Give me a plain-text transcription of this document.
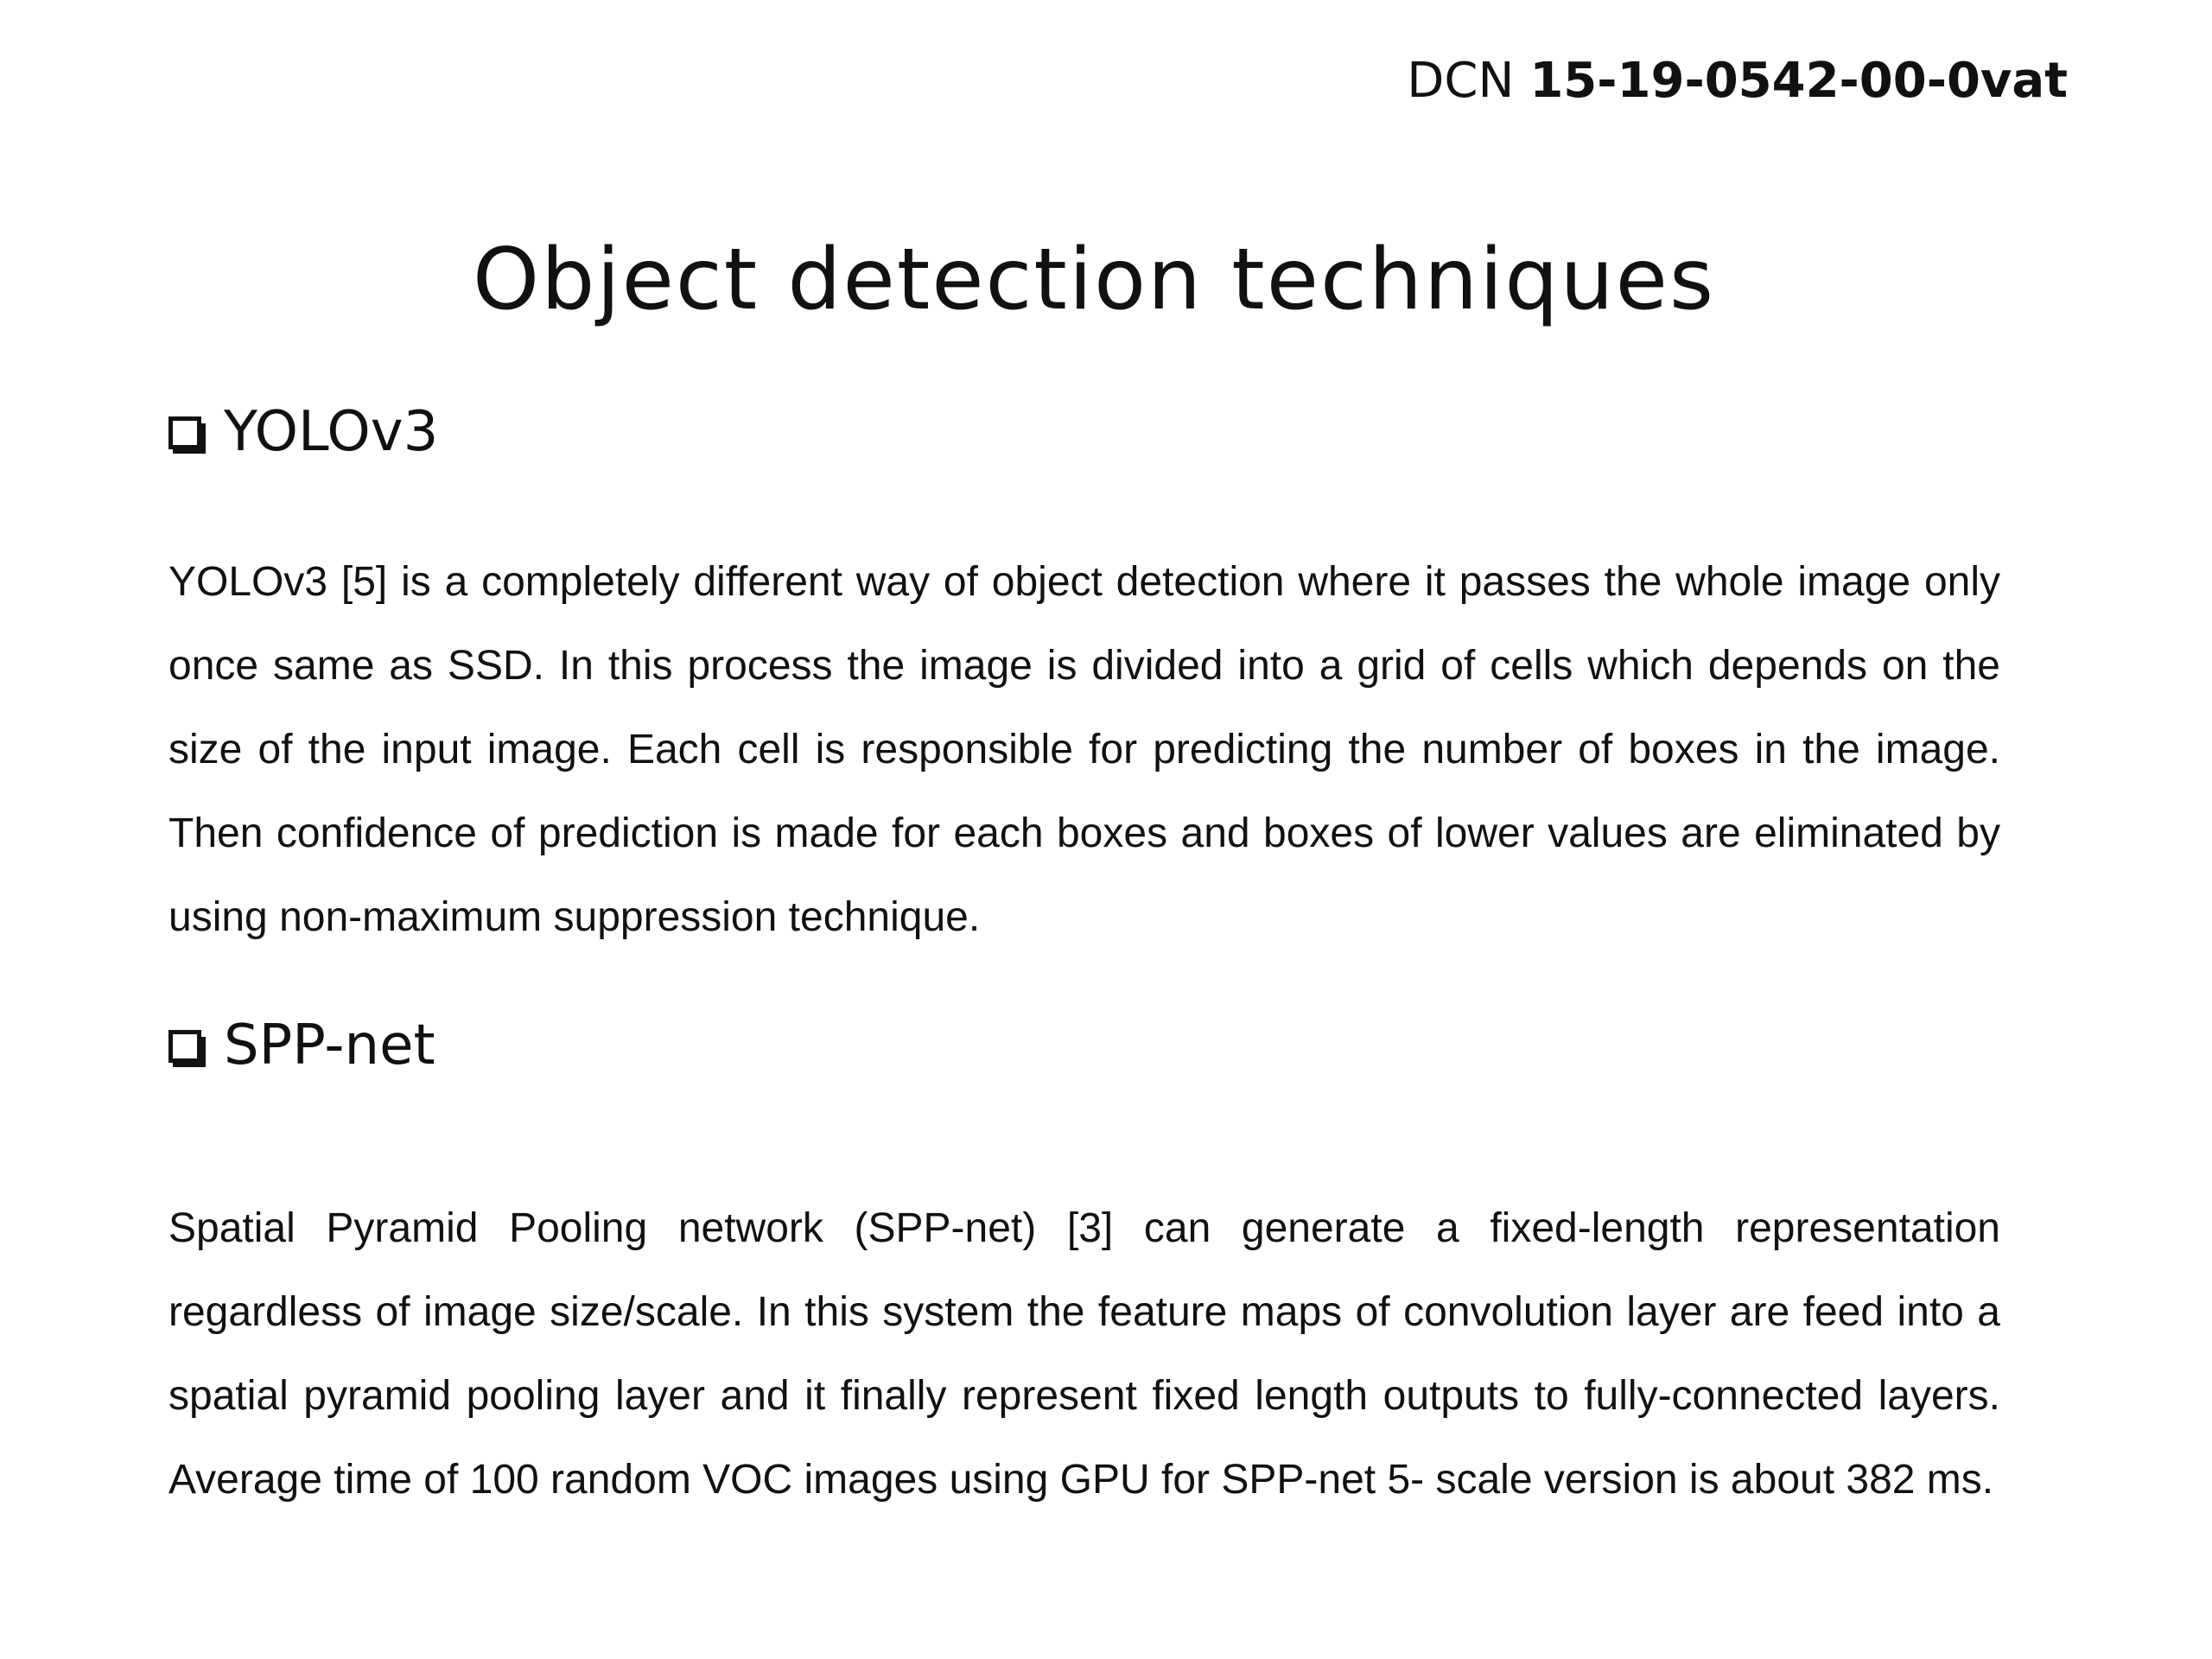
DCN 15-19-0542-00-0vat
Object detection techniques
YOLOv3

YOLOv3 [5] is a completely different way of object detection where it passes the whole image only once same as SSD. In this process the image is divided into a grid of cells which depends on the size of the input image. Each cell is responsible for predicting the number of boxes in the image. Then confidence of prediction is made for each boxes and boxes of lower values are eliminated by using non-maximum suppression technique.

SPP-net

Spatial Pyramid Pooling network (SPP-net) [3] can generate a fixed-length representation regardless of image size/scale. In this system the feature maps of convolution layer are feed into a spatial pyramid pooling layer and it finally represent fixed length outputs to fully-connected layers. Average time of 100 random VOC images using GPU for SPP-net 5- scale version is about 382 ms.
